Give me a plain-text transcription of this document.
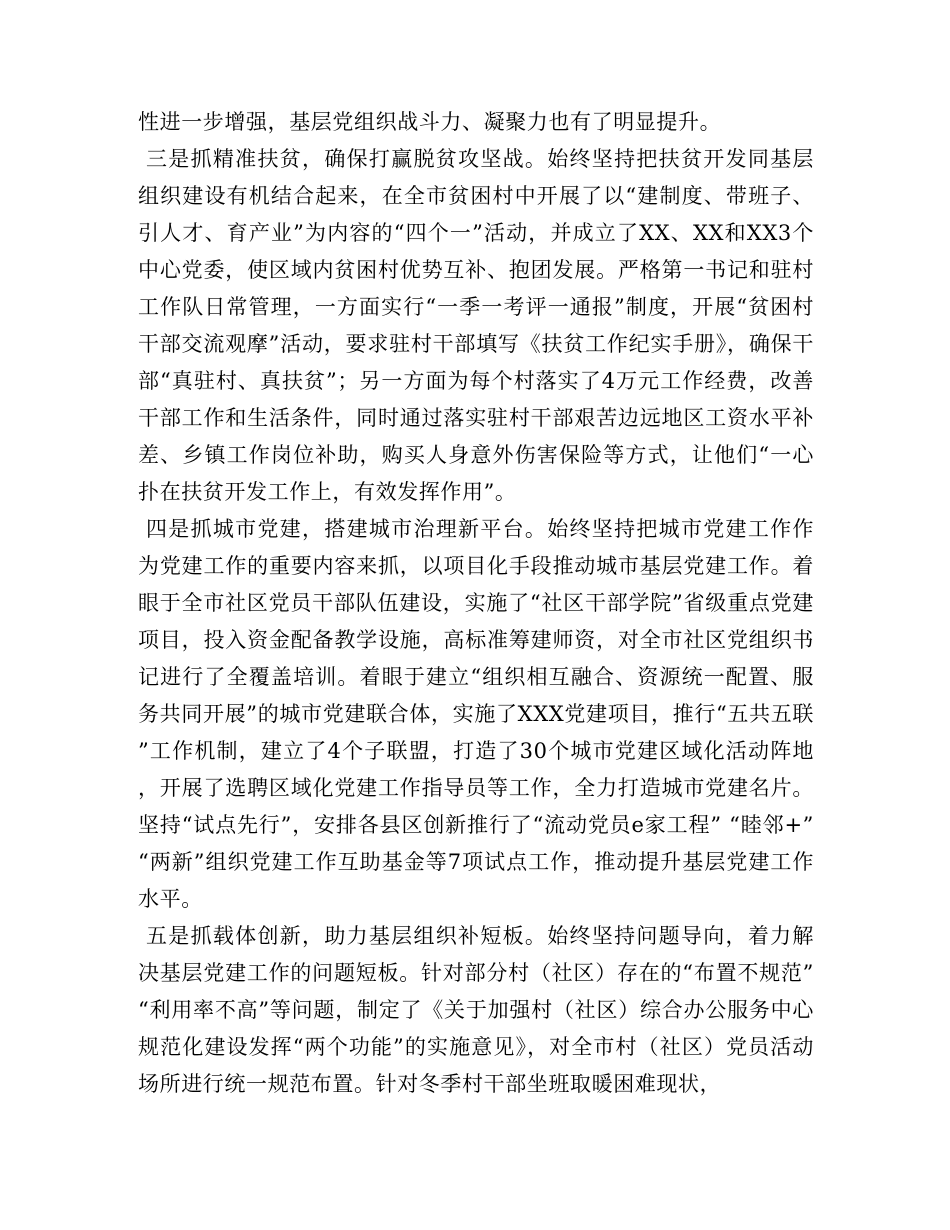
性进一步增强，基层党组织战斗力、凝聚力也有了明显提升。

三是抓精准扶贫，确保打赢脱贫攻坚战。始终坚持把扶贫开发同基层组织建设有机结合起来，在全市贫困村中开展了以“建制度、带班子、引人才、育产业”为内容的“四个一”活动，并成立了XX、XX和XX3个中心党委，使区域内贫困村优势互补、抱团发展。严格第一书记和驻村工作队日常管理，一方面实行“一季一考评一通报”制度，开展“贫困村干部交流观摩”活动，要求驻村干部填写《扶贫工作纪实手册》，确保干部“真驻村、真扶贫”；另一方面为每个村落实了4万元工作经费，改善干部工作和生活条件，同时通过落实驻村干部艰苦边远地区工资水平补差、乡镇工作岗位补助，购买人身意外伤害保险等方式，让他们“一心扑在扶贫开发工作上，有效发挥作用”。

四是抓城市党建，搭建城市治理新平台。始终坚持把城市党建工作作为党建工作的重要内容来抓，以项目化手段推动城市基层党建工作。着眼于全市社区党员干部队伍建设，实施了“社区干部学院”省级重点党建项目，投入资金配备教学设施，高标准筹建师资，对全市社区党组织书记进行了全覆盖培训。着眼于建立“组织相互融合、资源统一配置、服务共同开展”的城市党建联合体，实施了XXX党建项目，推行“五共五联”工作机制，建立了4个子联盟，打造了30个城市党建区域化活动阵地，开展了选聘区域化党建工作指导员等工作，全力打造城市党建名片。坚持“试点先行”，安排各县区创新推行了“流动党员e家工程” “睦邻+” “两新”组织党建工作互助基金等7项试点工作，推动提升基层党建工作水平。

五是抓载体创新，助力基层组织补短板。始终坚持问题导向，着力解决基层党建工作的问题短板。针对部分村（社区）存在的“布置不规范”“利用率不高”等问题，制定了《关于加强村（社区）综合办公服务中心规范化建设发挥“两个功能”的实施意见》，对全市村（社区）党员活动场所进行统一规范布置。针对冬季村干部坐班取暖困难现状，
